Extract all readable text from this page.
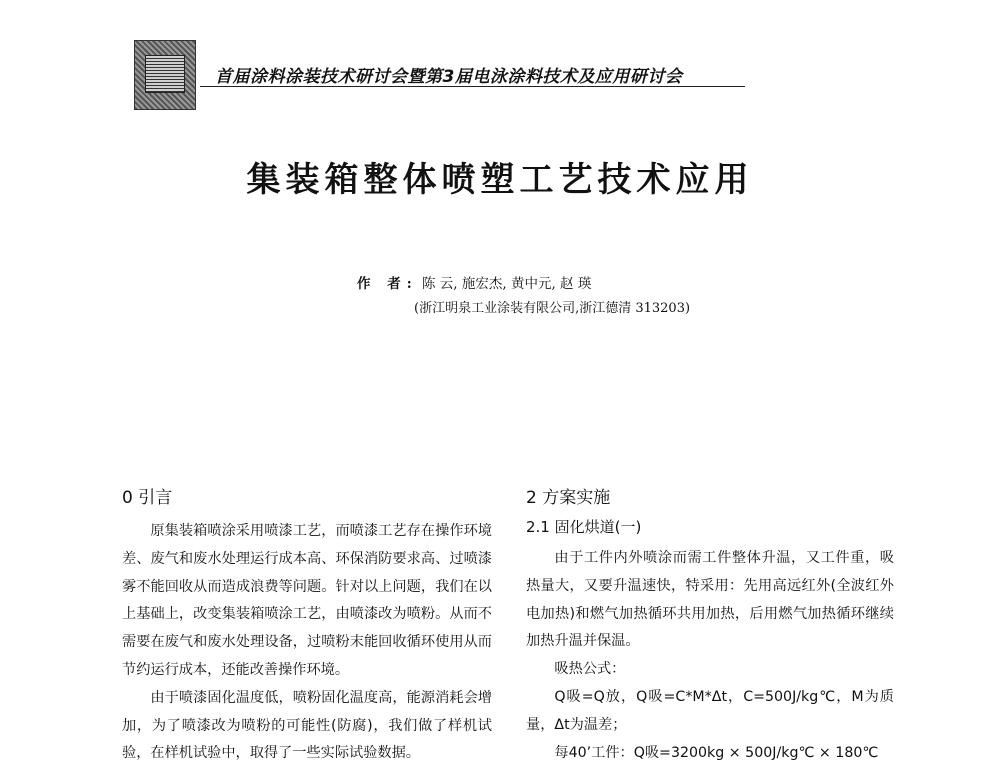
首届涂料涂装技术研讨会暨第3届电泳涂料技术及应用研讨会
集装箱整体喷塑工艺技术应用
作 者: 陈 云, 施宏杰, 黄中元, 赵 瑛
(浙江明泉工业涂装有限公司,浙江德清 313203)
0 引言

原集装箱喷涂采用喷漆工艺，而喷漆工艺存在操作环境差、废气和废水处理运行成本高、环保消防要求高、过喷漆雾不能回收从而造成浪费等问题。针对以上问题，我们在以上基础上，改变集装箱喷涂工艺，由喷漆改为喷粉。从而不需要在废气和废水处理设备，过喷粉末能回收循环使用从而节约运行成本，还能改善操作环境。

由于喷漆固化温度低，喷粉固化温度高，能源消耗会增加，为了喷漆改为喷粉的可能性(防腐)，我们做了样机试验，在样机试验中，取得了一些实际试验数据。

2 方案实施
2.1 固化烘道(一)

由于工件内外喷涂而需工件整体升温，又工件重，吸热量大，又要升温速快，特采用：先用高远红外(全波红外电加热)和燃气加热循环共用加热，后用燃气加热循环继续加热升温并保温。

吸热公式：

Q吸=Q放，Q吸=C*M*Δt，C=500J/kg℃，M为质量，Δt为温差；

每40’工件：Q吸=3200kg × 500J/kg℃ × 180℃
